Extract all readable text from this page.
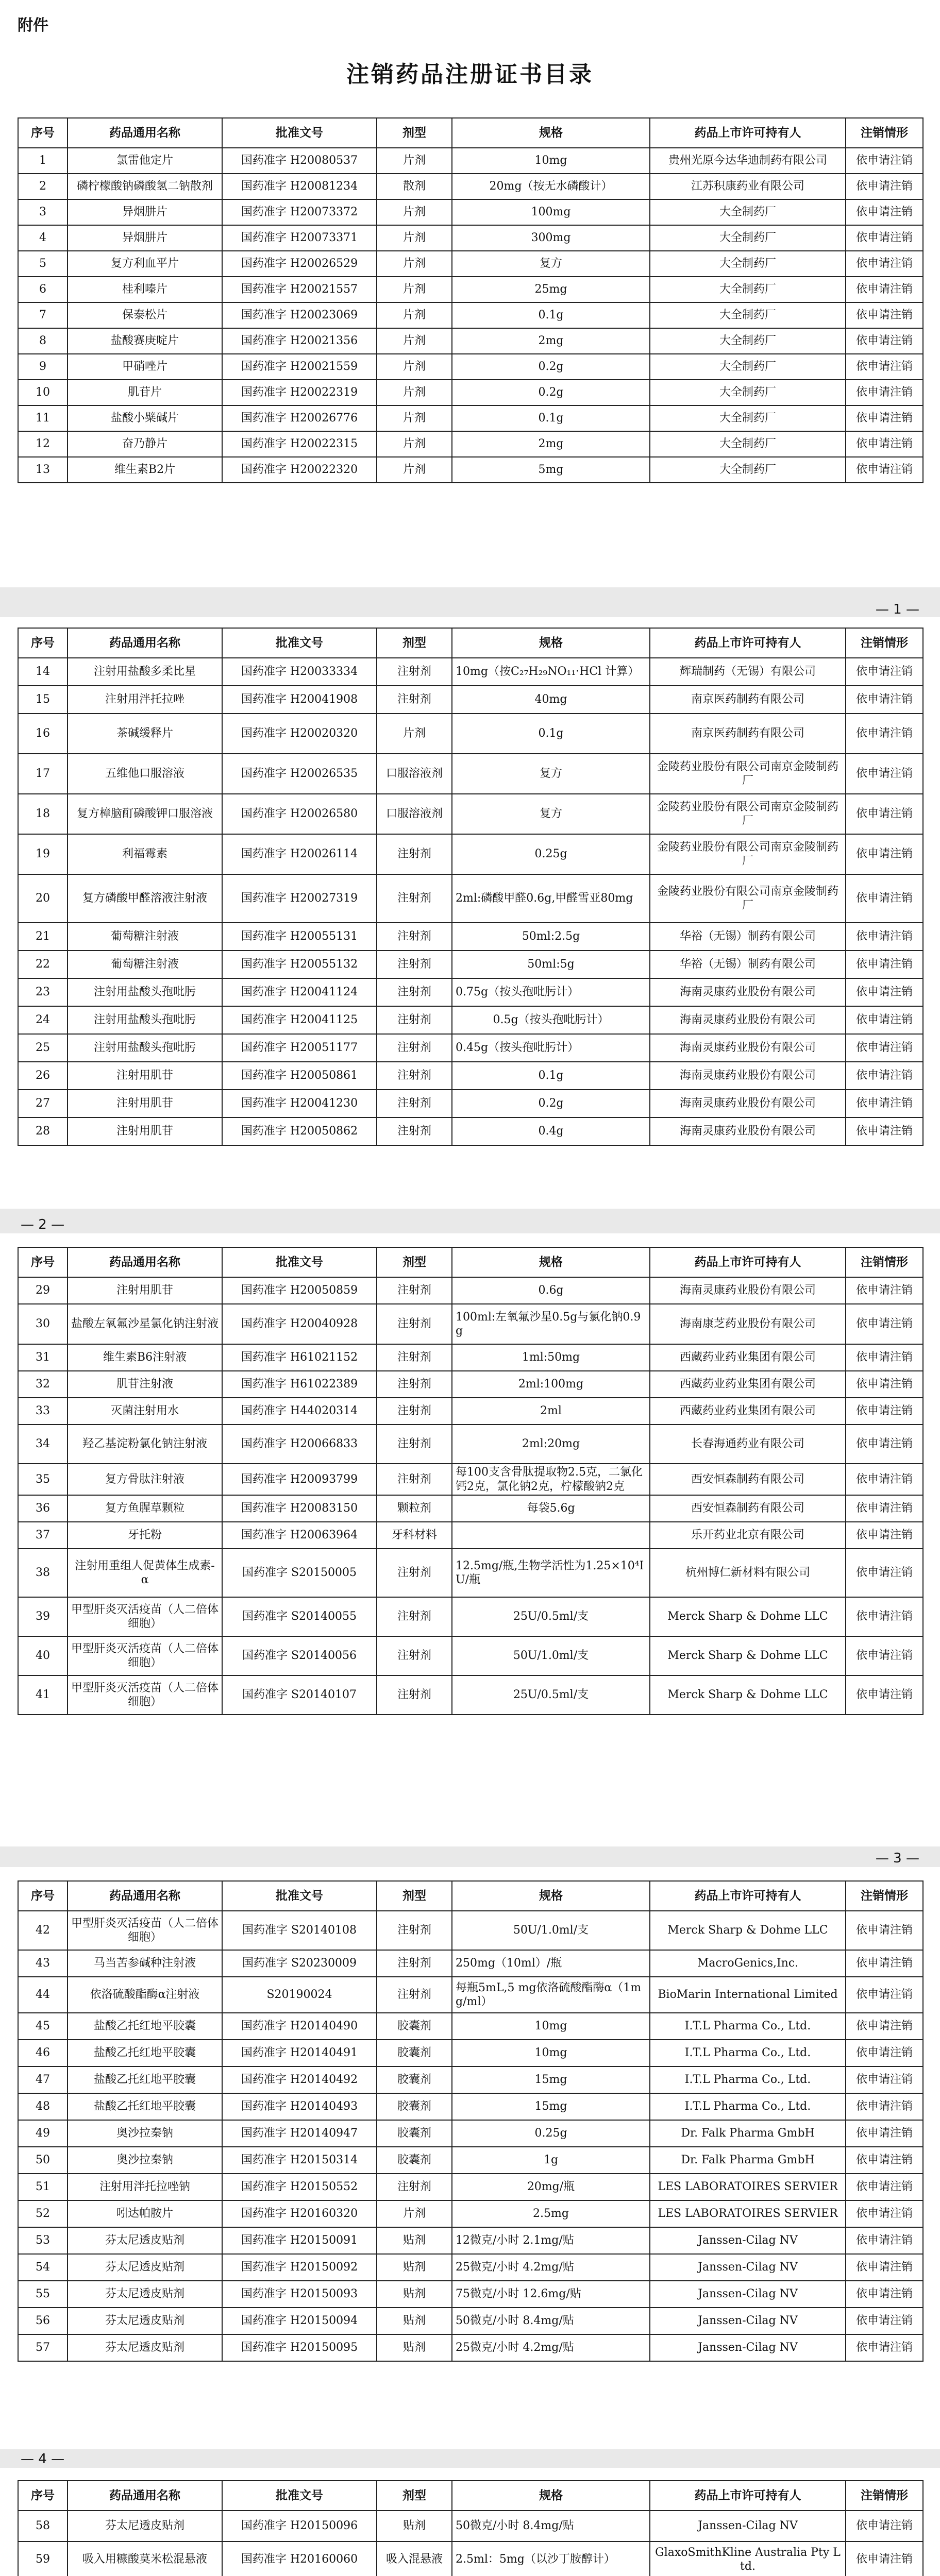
附件
注销药品注册证书目录
序号	药品通用名称	批准文号	剂型	规格	药品上市许可持有人	注销情形
1	氯雷他定片	国药准字 H20080537	片剂	10mg	贵州光原今达华迪制药有限公司	依申请注销
2	磷柠檬酸钠磷酸氢二钠散剂	国药准字 H20081234	散剂	20mg（按无水磷酸计）	江苏积康药业有限公司	依申请注销
3	异烟肼片	国药准字 H20073372	片剂	100mg	大全制药厂	依申请注销
4	异烟肼片	国药准字 H20073371	片剂	300mg	大全制药厂	依申请注销
5	复方利血平片	国药准字 H20026529	片剂	复方	大全制药厂	依申请注销
6	桂利嗪片	国药准字 H20021557	片剂	25mg	大全制药厂	依申请注销
7	保泰松片	国药准字 H20023069	片剂	0.1g	大全制药厂	依申请注销
8	盐酸赛庚啶片	国药准字 H20021356	片剂	2mg	大全制药厂	依申请注销
9	甲硝唑片	国药准字 H20021559	片剂	0.2g	大全制药厂	依申请注销
10	肌苷片	国药准字 H20022319	片剂	0.2g	大全制药厂	依申请注销
11	盐酸小檗碱片	国药准字 H20026776	片剂	0.1g	大全制药厂	依申请注销
12	奋乃静片	国药准字 H20022315	片剂	2mg	大全制药厂	依申请注销
13	维生素B2片	国药准字 H20022320	片剂	5mg	大全制药厂	依申请注销
— 1 —
序号	药品通用名称	批准文号	剂型	规格	药品上市许可持有人	注销情形
14	注射用盐酸多柔比星	国药准字 H20033334	注射剂	10mg（按C₂₇H₂₉NO₁₁·HCl 计算）	辉瑞制药（无锡）有限公司	依申请注销
15	注射用泮托拉唑	国药准字 H20041908	注射剂	40mg	南京医药制药有限公司	依申请注销
16	茶碱缓释片	国药准字 H20020320	片剂	0.1g	南京医药制药有限公司	依申请注销
17	五维他口服溶液	国药准字 H20026535	口服溶液剂	复方	金陵药业股份有限公司南京金陵制药厂	依申请注销
18	复方樟脑酊磷酸钾口服溶液	国药准字 H20026580	口服溶液剂	复方	金陵药业股份有限公司南京金陵制药厂	依申请注销
19	利福霉素	国药准字 H20026114	注射剂	0.25g	金陵药业股份有限公司南京金陵制药厂	依申请注销
20	复方磷酸甲醛溶液注射液	国药准字 H20027319	注射剂	2ml:磷酸甲醛0.6g,甲醛雪亚80mg	金陵药业股份有限公司南京金陵制药厂	依申请注销
21	葡萄糖注射液	国药准字 H20055131	注射剂	50ml:2.5g	华裕（无锡）制药有限公司	依申请注销
22	葡萄糖注射液	国药准字 H20055132	注射剂	50ml:5g	华裕（无锡）制药有限公司	依申请注销
23	注射用盐酸头孢吡肟	国药准字 H20041124	注射剂	0.75g（按头孢吡肟计）	海南灵康药业股份有限公司	依申请注销
24	注射用盐酸头孢吡肟	国药准字 H20041125	注射剂	0.5g（按头孢吡肟计）	海南灵康药业股份有限公司	依申请注销
25	注射用盐酸头孢吡肟	国药准字 H20051177	注射剂	0.45g（按头孢吡肟计）	海南灵康药业股份有限公司	依申请注销
26	注射用肌苷	国药准字 H20050861	注射剂	0.1g	海南灵康药业股份有限公司	依申请注销
27	注射用肌苷	国药准字 H20041230	注射剂	0.2g	海南灵康药业股份有限公司	依申请注销
28	注射用肌苷	国药准字 H20050862	注射剂	0.4g	海南灵康药业股份有限公司	依申请注销
— 2 —
序号	药品通用名称	批准文号	剂型	规格	药品上市许可持有人	注销情形
29	注射用肌苷	国药准字 H20050859	注射剂	0.6g	海南灵康药业股份有限公司	依申请注销
30	盐酸左氧氟沙星氯化钠注射液	国药准字 H20040928	注射剂	100ml:左氧氟沙星0.5g与氯化钠0.9g	海南康芝药业股份有限公司	依申请注销
31	维生素B6注射液	国药准字 H61021152	注射剂	1ml:50mg	西藏药业药业集团有限公司	依申请注销
32	肌苷注射液	国药准字 H61022389	注射剂	2ml:100mg	西藏药业药业集团有限公司	依申请注销
33	灭菌注射用水	国药准字 H44020314	注射剂	2ml	西藏药业药业集团有限公司	依申请注销
34	羟乙基淀粉氯化钠注射液	国药准字 H20066833	注射剂	2ml:20mg	长春海通药业有限公司	依申请注销
35	复方骨肽注射液	国药准字 H20093799	注射剂	每100支含骨肽提取物2.5克，二氯化钙2克，氯化钠2克，柠檬酸钠2克	西安恒森制药有限公司	依申请注销
36	复方鱼腥草颗粒	国药准字 H20083150	颗粒剂	每袋5.6g	西安恒森制药有限公司	依申请注销
37	牙托粉	国药准字 H20063964	牙科材料		乐开药业北京有限公司	依申请注销
38	注射用重组人促黄体生成素-α	国药准字 S20150005	注射剂	12.5mg/瓶,生物学活性为1.25×10⁴IU/瓶	杭州博仁新材料有限公司	依申请注销
39	甲型肝炎灭活疫苗（人二倍体细胞）	国药准字 S20140055	注射剂	25U/0.5ml/支	Merck Sharp & Dohme LLC	依申请注销
40	甲型肝炎灭活疫苗（人二倍体细胞）	国药准字 S20140056	注射剂	50U/1.0ml/支	Merck Sharp & Dohme LLC	依申请注销
41	甲型肝炎灭活疫苗（人二倍体细胞）	国药准字 S20140107	注射剂	25U/0.5ml/支	Merck Sharp & Dohme LLC	依申请注销
— 3 —
序号	药品通用名称	批准文号	剂型	规格	药品上市许可持有人	注销情形
42	甲型肝炎灭活疫苗（人二倍体细胞）	国药准字 S20140108	注射剂	50U/1.0ml/支	Merck Sharp & Dohme LLC	依申请注销
43	马当苦参碱种注射液	国药准字 S20230009	注射剂	250mg（10ml）/瓶	MacroGenics,Inc.	依申请注销
44	依洛硫酸酯酶α注射液	S20190024	注射剂	每瓶5mL,5 mg依洛硫酸酯酶α（1mg/ml）	BioMarin International Limited	依申请注销
45	盐酸乙托红地平胶囊	国药准字 H20140490	胶囊剂	10mg	I.T.L Pharma Co., Ltd.	依申请注销
46	盐酸乙托红地平胶囊	国药准字 H20140491	胶囊剂	10mg	I.T.L Pharma Co., Ltd.	依申请注销
47	盐酸乙托红地平胶囊	国药准字 H20140492	胶囊剂	15mg	I.T.L Pharma Co., Ltd.	依申请注销
48	盐酸乙托红地平胶囊	国药准字 H20140493	胶囊剂	15mg	I.T.L Pharma Co., Ltd.	依申请注销
49	奥沙拉秦钠	国药准字 H20140947	胶囊剂	0.25g	Dr. Falk Pharma GmbH	依申请注销
50	奥沙拉秦钠	国药准字 H20150314	胶囊剂	1g	Dr. Falk Pharma GmbH	依申请注销
51	注射用泮托拉唑钠	国药准字 H20150552	注射剂	20mg/瓶	LES LABORATOIRES SERVIER	依申请注销
52	吲达帕胺片	国药准字 H20160320	片剂	2.5mg	LES LABORATOIRES SERVIER	依申请注销
53	芬太尼透皮贴剂	国药准字 H20150091	贴剂	12微克/小时 2.1mg/贴	Janssen-Cilag NV	依申请注销
54	芬太尼透皮贴剂	国药准字 H20150092	贴剂	25微克/小时 4.2mg/贴	Janssen-Cilag NV	依申请注销
55	芬太尼透皮贴剂	国药准字 H20150093	贴剂	75微克/小时 12.6mg/贴	Janssen-Cilag NV	依申请注销
56	芬太尼透皮贴剂	国药准字 H20150094	贴剂	50微克/小时 8.4mg/贴	Janssen-Cilag NV	依申请注销
57	芬太尼透皮贴剂	国药准字 H20150095	贴剂	25微克/小时 4.2mg/贴	Janssen-Cilag NV	依申请注销
— 4 —
序号	药品通用名称	批准文号	剂型	规格	药品上市许可持有人	注销情形
58	芬太尼透皮贴剂	国药准字 H20150096	贴剂	50微克/小时 8.4mg/贴	Janssen-Cilag NV	依申请注销
59	吸入用糠酸莫米松混悬液	国药准字 H20160060	吸入混悬液	2.5ml：5mg（以沙丁胺醇计）	GlaxoSmithKline Australia Pty Ltd.	依申请注销
